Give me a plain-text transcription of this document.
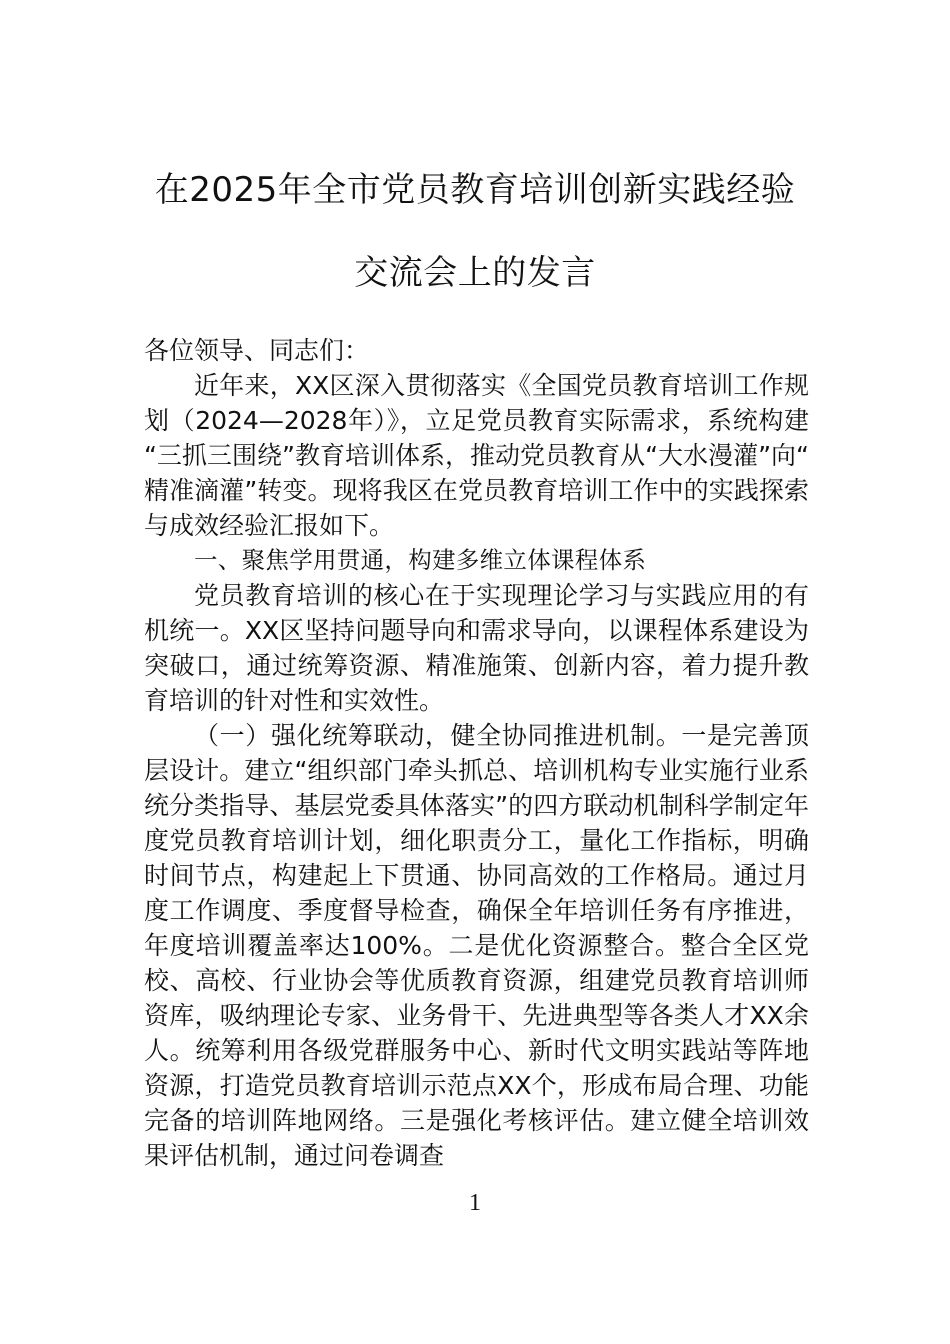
在2025年全市党员教育培训创新实践经验
交流会上的发言

各位领导、同志们：

近年来，XX区深入贯彻落实《全国党员教育培训工作规划（2024—2028年）》，立足党员教育实际需求，系统构建“三抓三围绕”教育培训体系，推动党员教育从“大水漫灌”向“精准滴灌”转变。现将我区在党员教育培训工作中的实践探索与成效经验汇报如下。

一、聚焦学用贯通，构建多维立体课程体系

党员教育培训的核心在于实现理论学习与实践应用的有机统一。XX区坚持问题导向和需求导向，以课程体系建设为突破口，通过统筹资源、精准施策、创新内容，着力提升教育培训的针对性和实效性。

（一）强化统筹联动，健全协同推进机制。一是完善顶层设计。建立“组织部门牵头抓总、培训机构专业实施行业系统分类指导、基层党委具体落实”的四方联动机制科学制定年度党员教育培训计划，细化职责分工，量化工作指标，明确时间节点，构建起上下贯通、协同高效的工作格局。通过月度工作调度、季度督导检查，确保全年培训任务有序推进，年度培训覆盖率达100%。二是优化资源整合。整合全区党校、高校、行业协会等优质教育资源，组建党员教育培训师资库，吸纳理论专家、业务骨干、先进典型等各类人才XX余人。统筹利用各级党群服务中心、新时代文明实践站等阵地资源，打造党员教育培训示范点XX个，形成布局合理、功能完备的培训阵地网络。三是强化考核评估。建立健全培训效果评估机制，通过问卷调查

1
